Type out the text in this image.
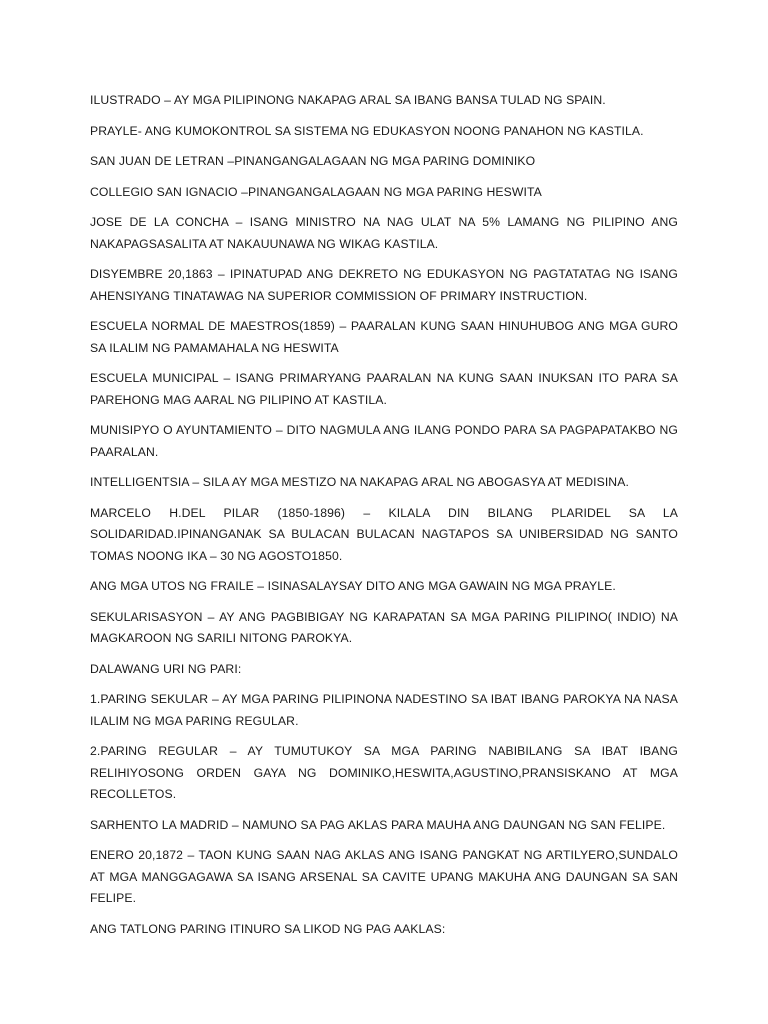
ILUSTRADO – AY MGA PILIPINONG NAKAPAG ARAL SA IBANG BANSA TULAD NG SPAIN.

PRAYLE- ANG KUMOKONTROL SA SISTEMA NG EDUKASYON NOONG PANAHON NG KASTILA.

SAN JUAN DE LETRAN –PINANGANGALAGAAN NG MGA PARING DOMINIKO

COLLEGIO SAN IGNACIO –PINANGANGALAGAAN NG MGA PARING HESWITA

JOSE DE LA CONCHA – ISANG MINISTRO NA NAG ULAT NA 5% LAMANG NG PILIPINO ANG NAKAPAGSASALITA AT NAKAUUNAWA NG WIKAG KASTILA.

DISYEMBRE 20,1863 – IPINATUPAD ANG DEKRETO NG EDUKASYON NG PAGTATATAG NG ISANG AHENSIYANG TINATAWAG NA SUPERIOR COMMISSION OF PRIMARY INSTRUCTION.

ESCUELA NORMAL DE MAESTROS(1859) – PAARALAN KUNG SAAN HINUHUBOG ANG MGA GURO SA ILALIM NG PAMAMAHALA NG HESWITA

ESCUELA MUNICIPAL – ISANG PRIMARYANG PAARALAN NA KUNG SAAN INUKSAN ITO PARA SA PAREHONG MAG AARAL NG PILIPINO AT KASTILA.

MUNISIPYO O AYUNTAMIENTO – DITO NAGMULA ANG ILANG PONDO PARA SA PAGPAPATAKBO NG PAARALAN.

INTELLIGENTSIA – SILA AY MGA MESTIZO NA NAKAPAG ARAL NG ABOGASYA AT MEDISINA.

MARCELO H.DEL PILAR (1850-1896) – KILALA DIN BILANG PLARIDEL SA LA SOLIDARIDAD.IPINANGANAK SA BULACAN BULACAN NAGTAPOS SA UNIBERSIDAD NG SANTO TOMAS NOONG IKA – 30 NG AGOSTO1850.

ANG MGA UTOS NG FRAILE – ISINASALAYSAY DITO ANG MGA GAWAIN NG MGA PRAYLE.

SEKULARISASYON – AY ANG PAGBIBIGAY NG KARAPATAN SA MGA PARING PILIPINO( INDIO) NA MAGKAROON NG SARILI NITONG PAROKYA.

DALAWANG URI NG PARI:

1.PARING SEKULAR – AY MGA PARING PILIPINONA NADESTINO SA IBAT IBANG PAROKYA NA NASA ILALIM NG MGA PARING REGULAR.

2.PARING REGULAR – AY TUMUTUKOY SA MGA PARING NABIBILANG SA IBAT IBANG RELIHIYOSONG ORDEN GAYA NG DOMINIKO,HESWITA,AGUSTINO,PRANSISKANO AT MGA RECOLLETOS.

SARHENTO LA MADRID – NAMUNO SA PAG AKLAS PARA MAUHA ANG DAUNGAN NG SAN FELIPE.

ENERO 20,1872 – TAON KUNG SAAN NAG AKLAS ANG ISANG PANGKAT NG ARTILYERO,SUNDALO AT MGA MANGGAGAWA SA ISANG ARSENAL SA CAVITE UPANG MAKUHA ANG DAUNGAN SA SAN FELIPE.

ANG TATLONG PARING ITINURO SA LIKOD NG PAG AAKLAS:
